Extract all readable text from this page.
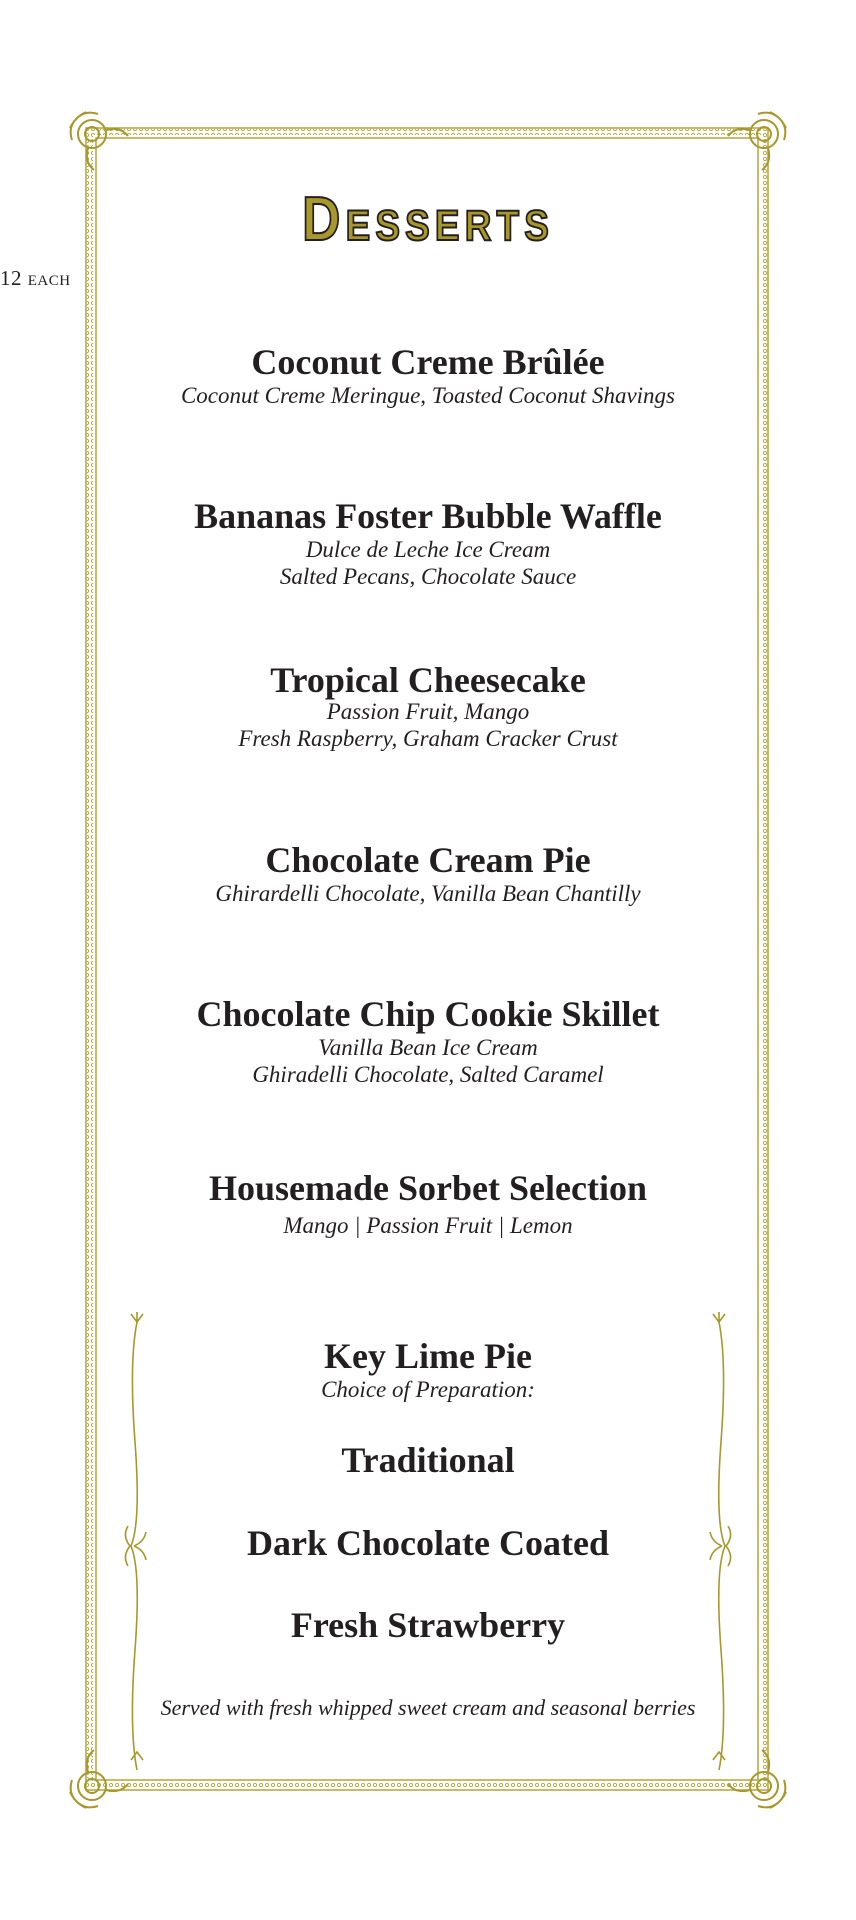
Desserts
12 each
Coconut Creme Brûlée
Coconut Creme Meringue, Toasted Coconut Shavings
Bananas Foster Bubble Waffle
Dulce de Leche Ice Cream
Salted Pecans, Chocolate Sauce
Tropical Cheesecake
Passion Fruit, Mango
Fresh Raspberry, Graham Cracker Crust
Chocolate Cream Pie
Ghirardelli Chocolate, Vanilla Bean Chantilly
Chocolate Chip Cookie Skillet
Vanilla Bean Ice Cream
Ghiradelli Chocolate, Salted Caramel
Housemade Sorbet Selection
Mango | Passion Fruit | Lemon
Key Lime Pie
Choice of Preparation:
Traditional
Dark Chocolate Coated
Fresh Strawberry
Served with fresh whipped sweet cream and seasonal berries
